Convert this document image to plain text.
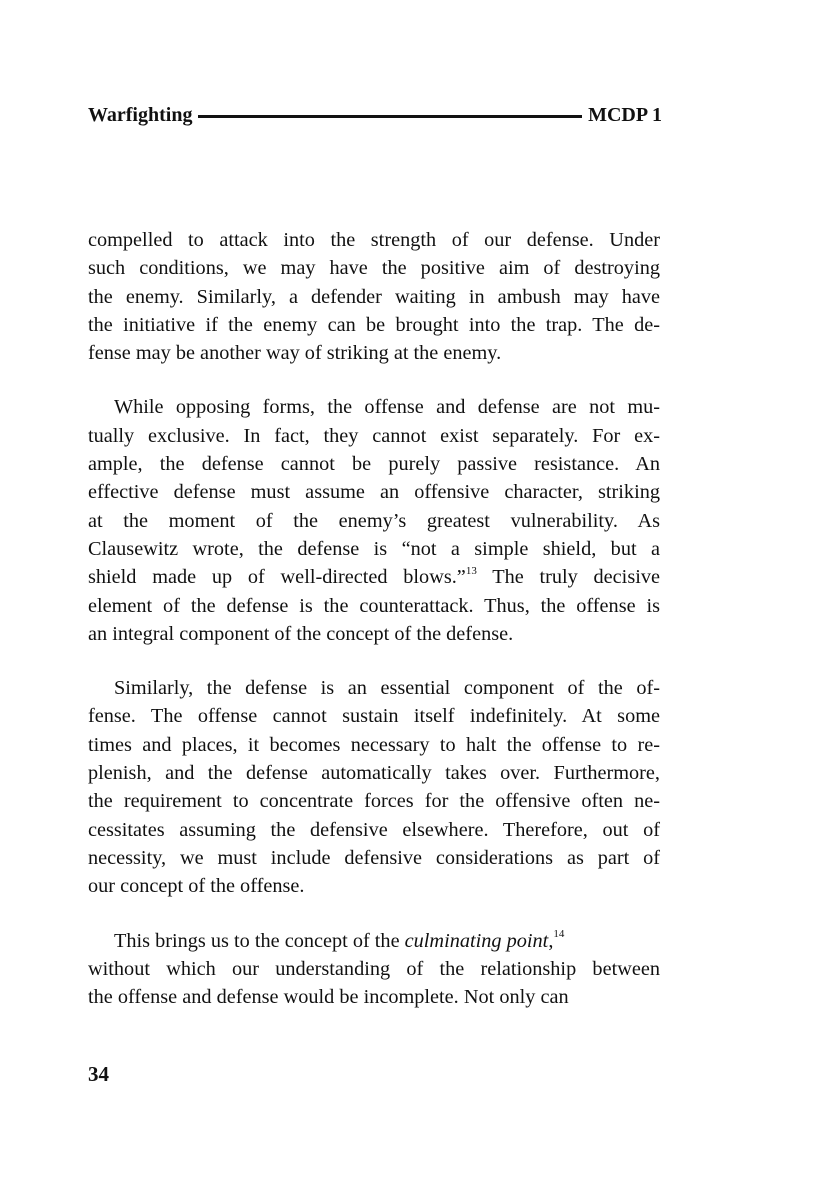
Warfighting	MCDP 1

compelled to attack into the strength of our defense. Under
such conditions, we may have the positive aim of destroying
the enemy. Similarly, a defender waiting in ambush may have
the initiative if the enemy can be brought into the trap. The de-
fense may be another way of striking at the enemy.

While opposing forms, the offense and defense are not mu-
tually exclusive. In fact, they cannot exist separately. For ex-
ample, the defense cannot be purely passive resistance. An
effective defense must assume an offensive character, striking
at the moment of the enemy’s greatest vulnerability. As
Clausewitz wrote, the defense is “not a simple shield, but a
shield made up of well-directed blows.”$^{13}$ The truly decisive
element of the defense is the counterattack. Thus, the offense is
an integral component of the concept of the defense.

Similarly, the defense is an essential component of the of-
fense. The offense cannot sustain itself indefinitely. At some
times and places, it becomes necessary to halt the offense to re-
plenish, and the defense automatically takes over. Furthermore,
the requirement to concentrate forces for the offensive often ne-
cessitates assuming the defensive elsewhere. Therefore, out of
necessity, we must include defensive considerations as part of
our concept of the offense.

This brings us to the concept of the culminating point,$^{14}$
without which our understanding of the relationship between
the offense and defense would be incomplete. Not only can

34
